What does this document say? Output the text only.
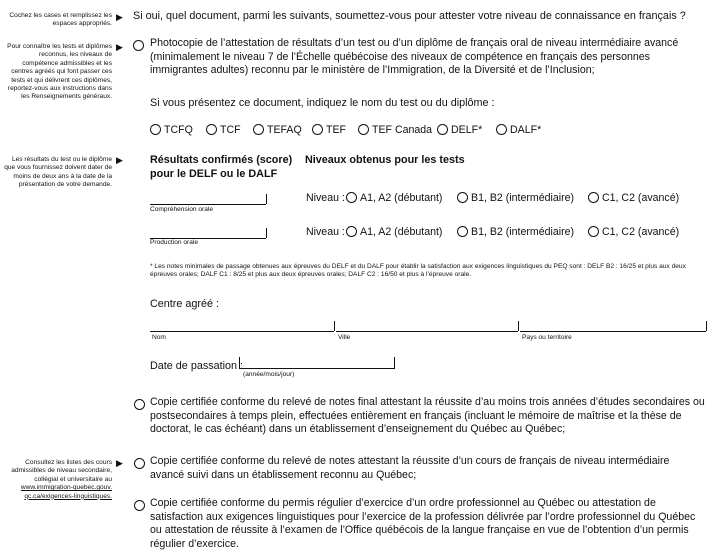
Cochez les cases et remplissez les espaces appropriés.
Pour connaître les tests et diplômes reconnus, les niveaux de compétence admissibles et les centres agréés qui font passer ces tests et qui délivrent ces diplômes, reportez-vous aux instructions dans les Renseignements généraux.
Les résultats du test ou le diplôme que vous fournissez doivent dater de moins de deux ans à la date de la présentation de votre demande.
Consultez les listes des cours admissibles de niveau secondaire, collégial et universitaire au
www.immigration-quebec.gouv.
qc.ca/exigences-linguistiques.
▶
▶
▶
▶
Si oui, quel document, parmi les suivants, soumettez-vous pour attester votre niveau de connaissance en français ?
Photocopie de l’attestation de résultats d’un test ou d’un diplôme de français oral de niveau intermédiaire avancé (minimalement le niveau 7 de l’Échelle québécoise des niveaux de compétence en français des personnes immigrantes adultes) reconnu par le ministère de l’Immigration, de la Diversité et de l’Inclusion;
Si vous présentez ce document, indiquez le nom du test ou du diplôme :
TCFQ	TCF	TEFAQ	TEF	TEF Canada	DELF*	DALF*
Résultats confirmés (score)
pour le DELF ou le DALF
Niveaux obtenus pour les tests
Compréhension orale
Niveau :	A1, A2 (débutant)	B1, B2 (intermédiaire)	C1, C2 (avancé)
Production orale
Niveau :	A1, A2 (débutant)	B1, B2 (intermédiaire)	C1, C2 (avancé)
* Les notes minimales de passage obtenues aux épreuves du DELF et du DALF pour établir la satisfaction aux exigences linguistiques du PEQ sont : DELF B2 : 16/25 et plus aux deux épreuves orales; DALF C1 : 8/25 et plus aux deux épreuves orales; DALF C2 : 16/50 et plus à l’épreuve orale.
Centre agréé :
Nom	Ville	Pays ou territoire
Date de passation :
(année/mois/jour)
Copie certifiée conforme du relevé de notes final attestant la réussite d’au moins trois années d’études secondaires ou postsecondaires à temps plein, effectuées entièrement en français (incluant le mémoire de maîtrise et la thèse de doctorat, le cas échéant) dans un établissement d’enseignement du Québec au Québec;
Copie certifiée conforme du relevé de notes attestant la réussite d’un cours de français de niveau intermédiaire avancé suivi dans un établissement reconnu au Québec;
Copie certifiée conforme du permis régulier d’exercice d’un ordre professionnel au Québec ou attestation de satisfaction aux exigences linguistiques pour l’exercice de la profession délivrée par l’ordre professionnel du Québec ou attestation de réussite à l’examen de l’Office québécois de la langue française en vue de l’obtention d’un permis régulier d’exercice.
